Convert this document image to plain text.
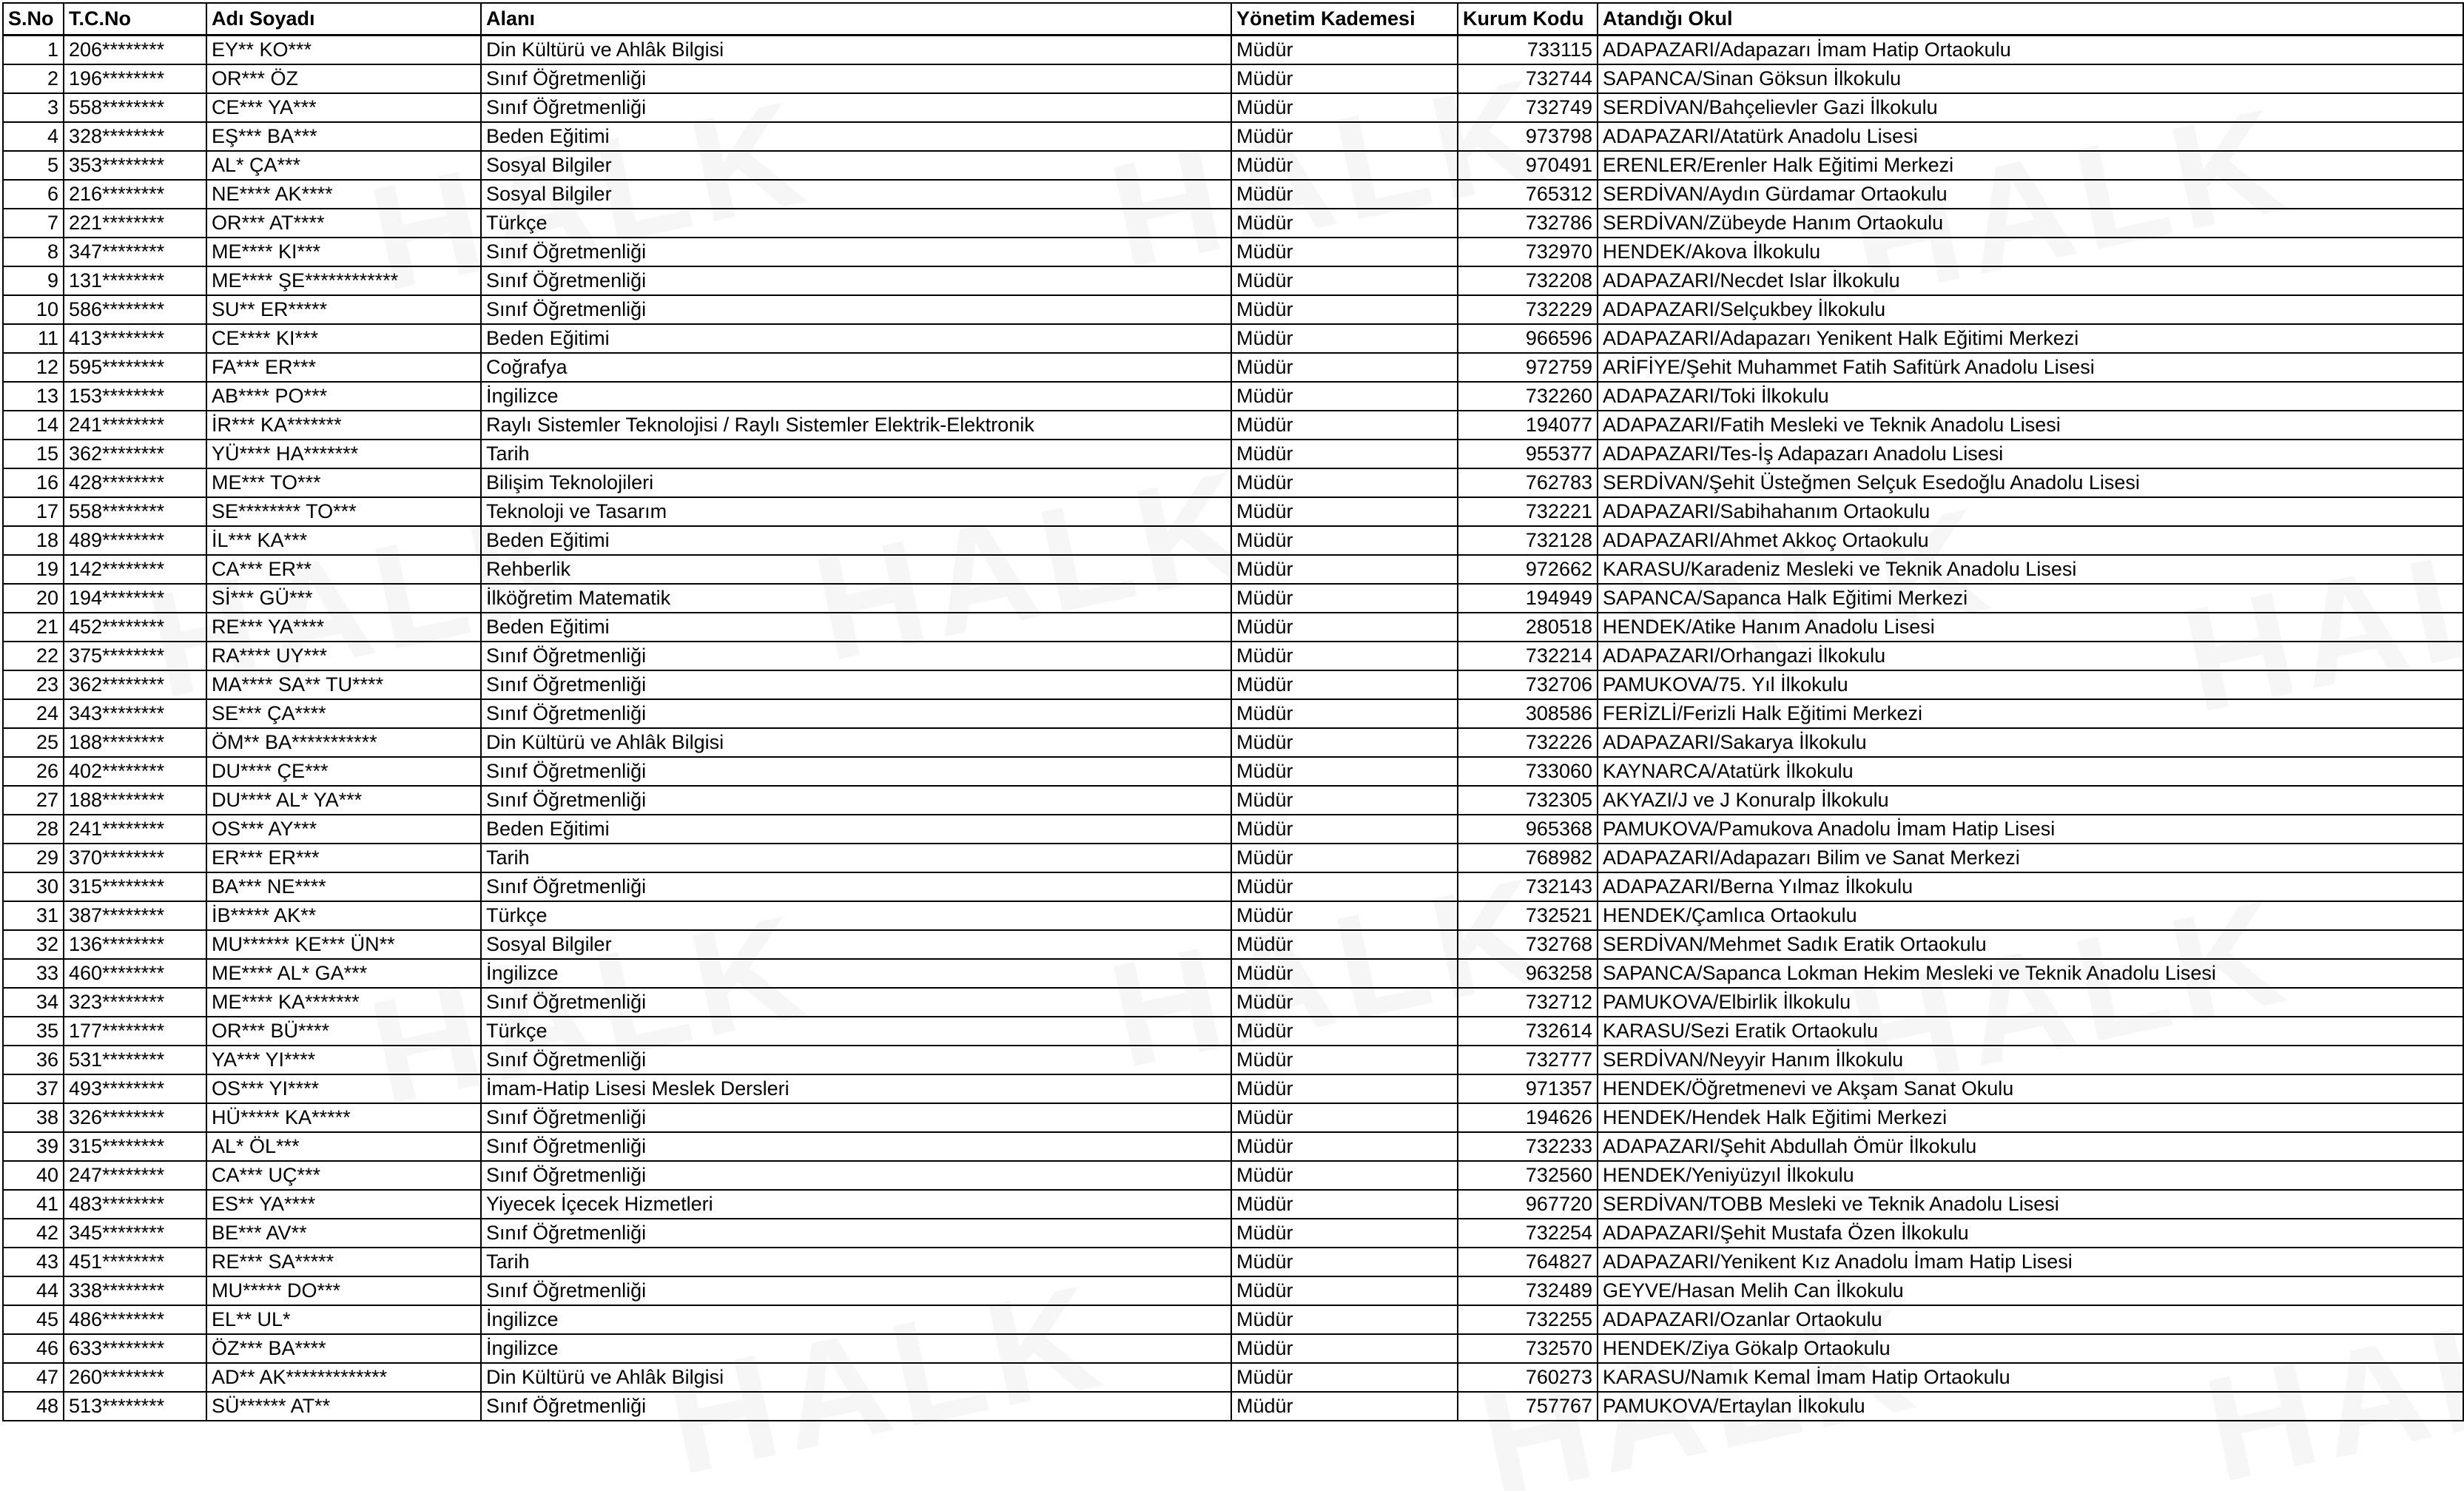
S.No	T.C.No	Adı Soyadı	Alanı	Yönetim Kademesi	Kurum Kodu	Atandığı Okul
1	206********	EY** KO***	Din Kültürü ve Ahlâk Bilgisi	Müdür	733115	ADAPAZARI/Adapazarı İmam Hatip Ortaokulu
2	196********	OR*** ÖZ	Sınıf Öğretmenliği	Müdür	732744	SAPANCA/Sinan Göksun İlkokulu
3	558********	CE*** YA***	Sınıf Öğretmenliği	Müdür	732749	SERDİVAN/Bahçelievler Gazi İlkokulu
4	328********	EŞ*** BA***	Beden Eğitimi	Müdür	973798	ADAPAZARI/Atatürk Anadolu Lisesi
5	353********	AL* ÇA***	Sosyal Bilgiler	Müdür	970491	ERENLER/Erenler Halk Eğitimi Merkezi
6	216********	NE**** AK****	Sosyal Bilgiler	Müdür	765312	SERDİVAN/Aydın Gürdamar Ortaokulu
7	221********	OR*** AT****	Türkçe	Müdür	732786	SERDİVAN/Zübeyde Hanım Ortaokulu
8	347********	ME**** KI***	Sınıf Öğretmenliği	Müdür	732970	HENDEK/Akova İlkokulu
9	131********	ME**** ŞE************	Sınıf Öğretmenliği	Müdür	732208	ADAPAZARI/Necdet Islar İlkokulu
10	586********	SU** ER*****	Sınıf Öğretmenliği	Müdür	732229	ADAPAZARI/Selçukbey İlkokulu
11	413********	CE**** KI***	Beden Eğitimi	Müdür	966596	ADAPAZARI/Adapazarı Yenikent Halk Eğitimi Merkezi
12	595********	FA*** ER***	Coğrafya	Müdür	972759	ARİFİYE/Şehit Muhammet Fatih Safitürk Anadolu Lisesi
13	153********	AB**** PO***	İngilizce	Müdür	732260	ADAPAZARI/Toki İlkokulu
14	241********	İR*** KA*******	Raylı Sistemler Teknolojisi / Raylı Sistemler Elektrik-Elektronik	Müdür	194077	ADAPAZARI/Fatih Mesleki ve Teknik Anadolu Lisesi
15	362********	YÜ**** HA*******	Tarih	Müdür	955377	ADAPAZARI/Tes-İş Adapazarı Anadolu Lisesi
16	428********	ME*** TO***	Bilişim Teknolojileri	Müdür	762783	SERDİVAN/Şehit Üsteğmen Selçuk Esedoğlu Anadolu Lisesi
17	558********	SE******** TO***	Teknoloji ve Tasarım	Müdür	732221	ADAPAZARI/Sabihahanım Ortaokulu
18	489********	İL*** KA***	Beden Eğitimi	Müdür	732128	ADAPAZARI/Ahmet Akkoç Ortaokulu
19	142********	CA*** ER**	Rehberlik	Müdür	972662	KARASU/Karadeniz Mesleki ve Teknik Anadolu Lisesi
20	194********	Sİ*** GÜ***	İlköğretim Matematik	Müdür	194949	SAPANCA/Sapanca Halk Eğitimi Merkezi
21	452********	RE*** YA****	Beden Eğitimi	Müdür	280518	HENDEK/Atike Hanım Anadolu Lisesi
22	375********	RA**** UY***	Sınıf Öğretmenliği	Müdür	732214	ADAPAZARI/Orhangazi İlkokulu
23	362********	MA**** SA** TU****	Sınıf Öğretmenliği	Müdür	732706	PAMUKOVA/75. Yıl İlkokulu
24	343********	SE*** ÇA****	Sınıf Öğretmenliği	Müdür	308586	FERİZLİ/Ferizli Halk Eğitimi Merkezi
25	188********	ÖM** BA***********	Din Kültürü ve Ahlâk Bilgisi	Müdür	732226	ADAPAZARI/Sakarya İlkokulu
26	402********	DU**** ÇE***	Sınıf Öğretmenliği	Müdür	733060	KAYNARCA/Atatürk İlkokulu
27	188********	DU**** AL* YA***	Sınıf Öğretmenliği	Müdür	732305	AKYAZI/J ve J Konuralp İlkokulu
28	241********	OS*** AY***	Beden Eğitimi	Müdür	965368	PAMUKOVA/Pamukova Anadolu İmam Hatip Lisesi
29	370********	ER*** ER***	Tarih	Müdür	768982	ADAPAZARI/Adapazarı Bilim ve Sanat Merkezi
30	315********	BA*** NE****	Sınıf Öğretmenliği	Müdür	732143	ADAPAZARI/Berna Yılmaz İlkokulu
31	387********	İB***** AK**	Türkçe	Müdür	732521	HENDEK/Çamlıca Ortaokulu
32	136********	MU****** KE*** ÜN**	Sosyal Bilgiler	Müdür	732768	SERDİVAN/Mehmet Sadık Eratik Ortaokulu
33	460********	ME**** AL* GA***	İngilizce	Müdür	963258	SAPANCA/Sapanca Lokman Hekim Mesleki ve Teknik Anadolu Lisesi
34	323********	ME**** KA*******	Sınıf Öğretmenliği	Müdür	732712	PAMUKOVA/Elbirlik İlkokulu
35	177********	OR*** BÜ****	Türkçe	Müdür	732614	KARASU/Sezi Eratik Ortaokulu
36	531********	YA*** YI****	Sınıf Öğretmenliği	Müdür	732777	SERDİVAN/Neyyir Hanım İlkokulu
37	493********	OS*** YI****	İmam-Hatip Lisesi Meslek Dersleri	Müdür	971357	HENDEK/Öğretmenevi ve Akşam Sanat Okulu
38	326********	HÜ***** KA*****	Sınıf Öğretmenliği	Müdür	194626	HENDEK/Hendek Halk Eğitimi Merkezi
39	315********	AL* ÖL***	Sınıf Öğretmenliği	Müdür	732233	ADAPAZARI/Şehit Abdullah Ömür İlkokulu
40	247********	CA*** UÇ***	Sınıf Öğretmenliği	Müdür	732560	HENDEK/Yeniyüzyıl İlkokulu
41	483********	ES** YA****	Yiyecek İçecek Hizmetleri	Müdür	967720	SERDİVAN/TOBB Mesleki ve Teknik Anadolu Lisesi
42	345********	BE*** AV**	Sınıf Öğretmenliği	Müdür	732254	ADAPAZARI/Şehit Mustafa Özen İlkokulu
43	451********	RE*** SA*****	Tarih	Müdür	764827	ADAPAZARI/Yenikent Kız Anadolu İmam Hatip Lisesi
44	338********	MU***** DO***	Sınıf Öğretmenliği	Müdür	732489	GEYVE/Hasan Melih Can İlkokulu
45	486********	EL** UL*	İngilizce	Müdür	732255	ADAPAZARI/Ozanlar Ortaokulu
46	633********	ÖZ*** BA****	İngilizce	Müdür	732570	HENDEK/Ziya Gökalp Ortaokulu
47	260********	AD** AK*************	Din Kültürü ve Ahlâk Bilgisi	Müdür	760273	KARASU/Namık Kemal İmam Hatip Ortaokulu
48	513********	SÜ****** AT**	Sınıf Öğretmenliği	Müdür	757767	PAMUKOVA/Ertaylan İlkokulu
